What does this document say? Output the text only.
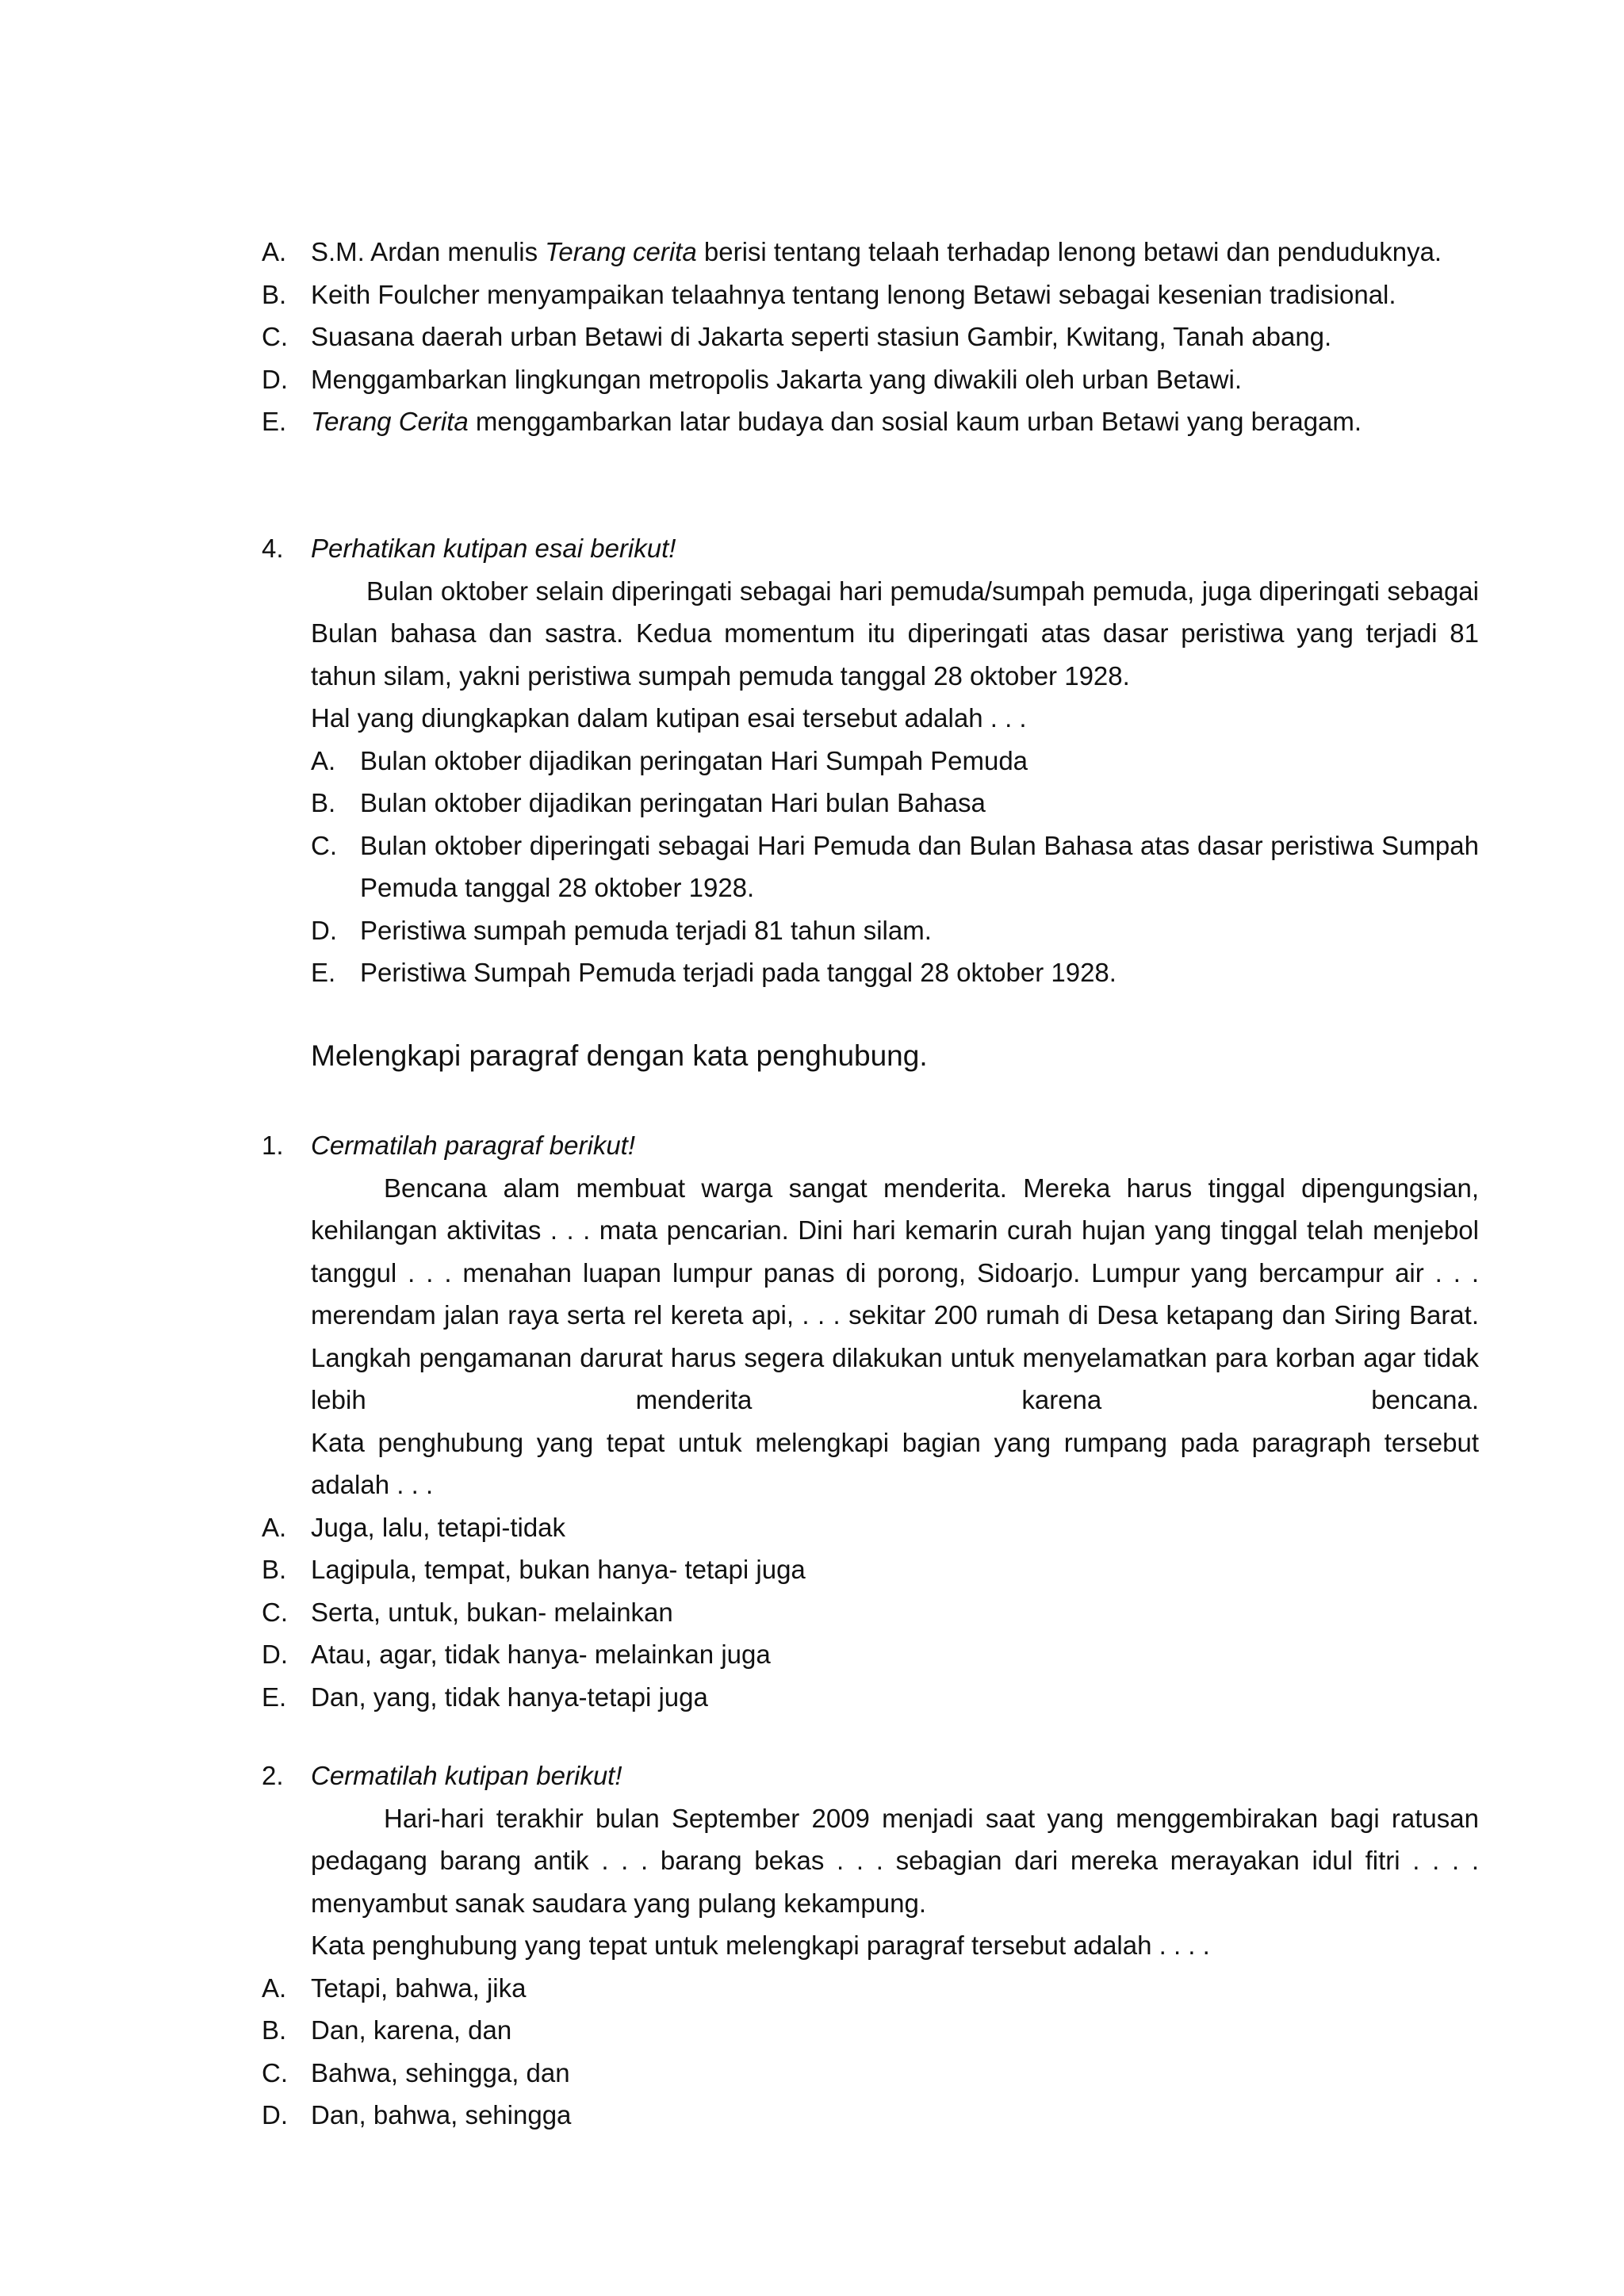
A. S.M. Ardan menulis Terang cerita berisi tentang telaah terhadap lenong betawi dan penduduknya.
B. Keith Foulcher menyampaikan telaahnya tentang lenong Betawi sebagai kesenian tradisional.
C. Suasana daerah urban Betawi di Jakarta seperti stasiun Gambir, Kwitang, Tanah abang.
D. Menggambarkan lingkungan metropolis Jakarta yang diwakili oleh urban Betawi.
E. Terang Cerita menggambarkan latar budaya dan sosial kaum urban Betawi yang beragam.
4.	Perhatikan kutipan esai berikut!
Bulan oktober selain diperingati sebagai hari pemuda/sumpah pemuda, juga diperingati sebagai Bulan bahasa dan sastra. Kedua momentum itu diperingati atas dasar peristiwa yang terjadi 81 tahun silam, yakni peristiwa sumpah pemuda tanggal 28 oktober 1928.
Hal yang diungkapkan dalam kutipan esai tersebut adalah . . .
A. Bulan oktober dijadikan peringatan Hari Sumpah Pemuda
B. Bulan oktober dijadikan peringatan Hari bulan Bahasa
C. Bulan oktober diperingati sebagai Hari Pemuda dan Bulan Bahasa atas dasar peristiwa Sumpah Pemuda tanggal 28 oktober 1928.
D. Peristiwa sumpah pemuda terjadi 81 tahun silam.
E. Peristiwa Sumpah Pemuda terjadi pada tanggal 28 oktober 1928.
Melengkapi paragraf dengan kata penghubung.
1.	Cermatilah paragraf berikut!
Bencana alam membuat warga sangat menderita. Mereka harus tinggal dipengungsian, kehilangan aktivitas . . . mata pencarian. Dini hari kemarin curah hujan yang tinggal telah menjebol tanggul . . . menahan luapan lumpur panas di porong, Sidoarjo. Lumpur yang bercampur air . . . merendam jalan raya serta rel kereta api, . . . sekitar 200 rumah di Desa ketapang dan Siring Barat. Langkah pengamanan darurat harus segera dilakukan untuk menyelamatkan para korban agar tidak lebih menderita karena bencana.
Kata penghubung yang tepat untuk melengkapi bagian yang rumpang pada paragraph tersebut adalah . . .
A. Juga, lalu, tetapi-tidak
B. Lagipula, tempat, bukan hanya- tetapi juga
C. Serta, untuk, bukan- melainkan
D. Atau, agar, tidak hanya- melainkan juga
E. Dan, yang, tidak hanya-tetapi juga
2.	Cermatilah kutipan berikut!
Hari-hari terakhir bulan September 2009 menjadi saat yang menggembirakan bagi ratusan pedagang barang antik . . . barang bekas . . . sebagian dari mereka merayakan idul fitri . . . . menyambut sanak saudara yang pulang kekampung.
Kata penghubung yang tepat untuk melengkapi paragraf tersebut adalah . . . .
A. Tetapi, bahwa, jika
B. Dan, karena, dan
C. Bahwa, sehingga, dan
D. Dan, bahwa, sehingga
